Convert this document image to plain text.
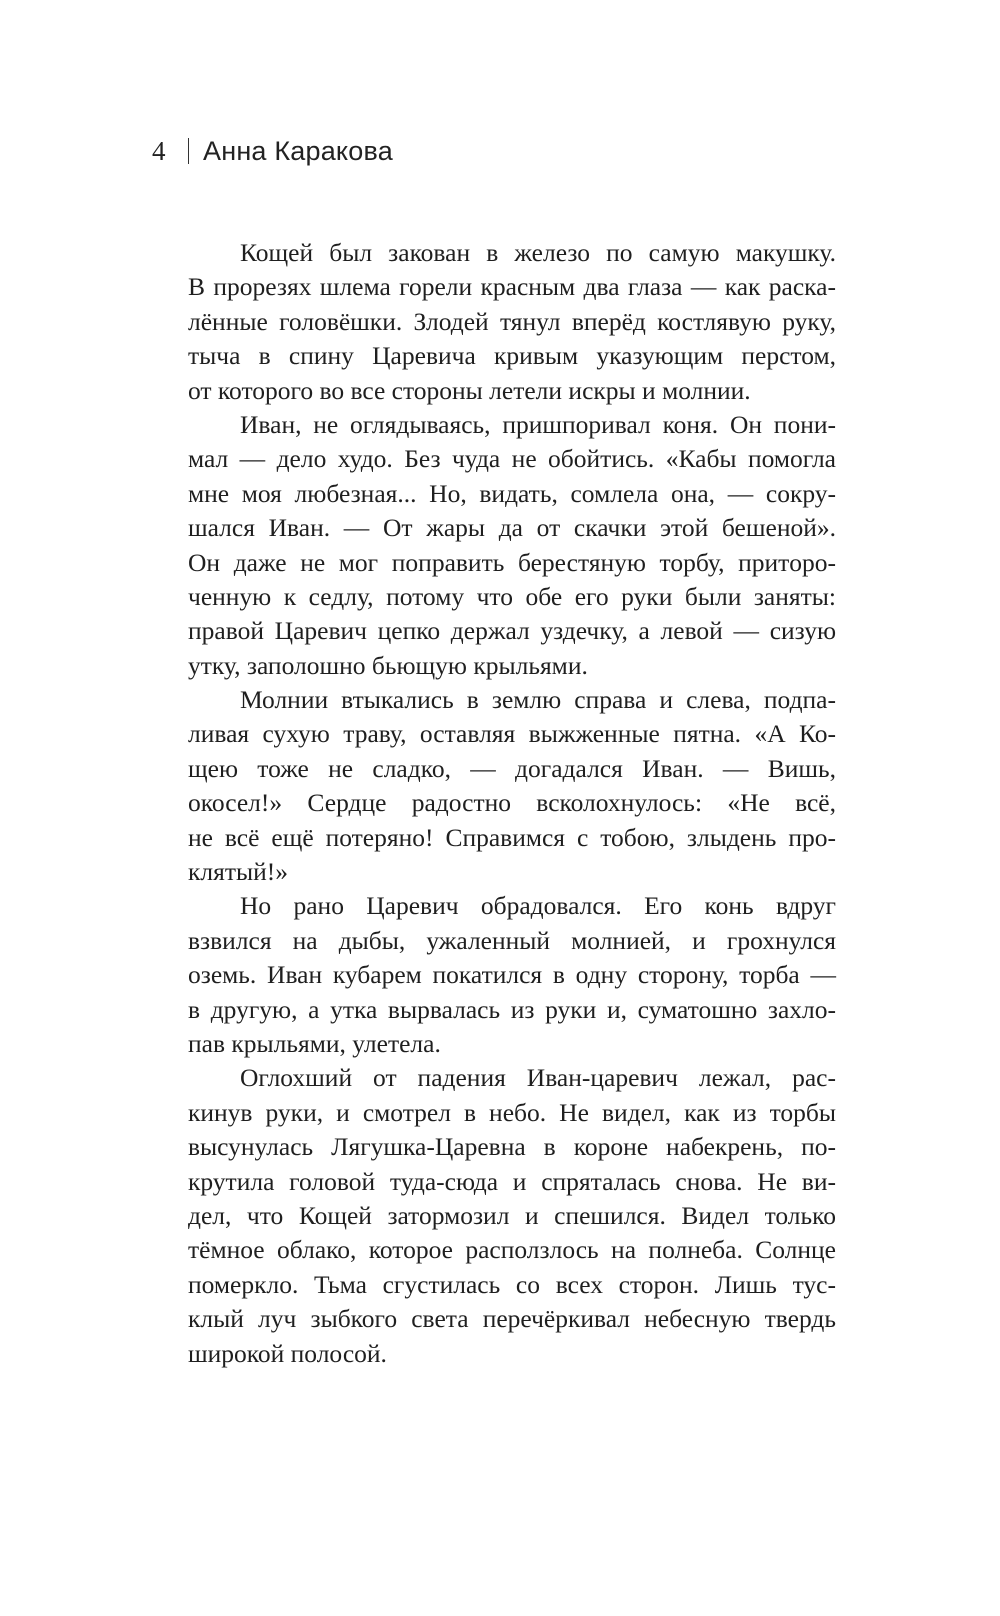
4 Анна Каракова
Кощей был закован в железо по самую макушку.
В прорезях шлема горели красным два глаза — как раска-
лённые головёшки. Злодей тянул вперёд костлявую руку,
тыча в спину Царевича кривым указующим перстом,
от которого во все стороны летели искры и молнии.
Иван, не оглядываясь, пришпоривал коня. Он пони-
мал — дело худо. Без чуда не обойтись. «Кабы помогла
мне моя любезная... Но, видать, сомлела она, — сокру-
шался Иван. — От жары да от скачки этой бешеной».
Он даже не мог поправить берестяную торбу, притoро-
ченную к седлу, потому что обе его руки были заняты:
правой Царевич цепко держал уздечку, а левой — сизую
утку, заполошно бьющую крыльями.
Молнии втыкались в землю справа и слева, подпа-
ливая сухую траву, оставляя выжженные пятна. «А Ко-
щею тоже не сладко, — догадался Иван. — Вишь,
окосел!» Сердце радостно всколохнулось: «Не всё,
не всё ещё потеряно! Справимся с тобою, злыдень про-
клятый!»
Но рано Царевич обрадовался. Его конь вдруг
взвился на дыбы, ужаленный молнией, и грохнулся
оземь. Иван кубарем покатился в одну сторону, торба —
в другую, а утка вырвалась из руки и, суматошно захло-
пав крыльями, улетела.
Оглохший от падения Иван-царевич лежал, рас-
кинув руки, и смотрел в небо. Не видел, как из торбы
высунулась Лягушка-Царевна в короне набекрень, по-
крутила головой туда-сюда и спряталась снова. Не ви-
дел, что Кощей затормозил и спешился. Видел только
тёмное облако, которое расползлось на полнеба. Солнце
померкло. Тьма сгустилась со всех сторон. Лишь тус-
клый луч зыбкого света перечёркивал небесную твердь
широкой полосой.
